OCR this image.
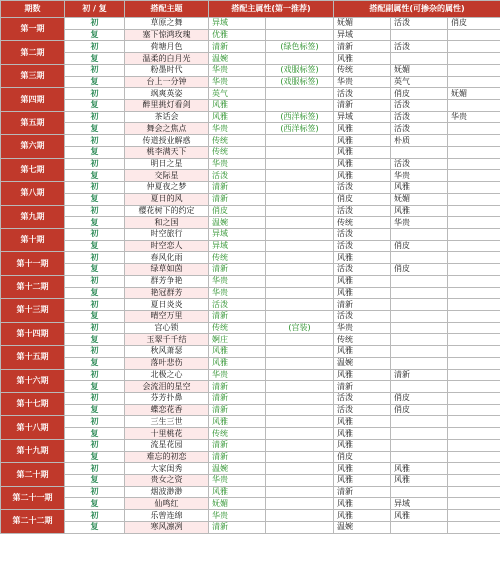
期数	初 / 复	搭配主题	搭配主属性(第一推荐)		搭配副属性(可掺杂的属性)		
第一期	初	草原之舞	异域		妩媚	活泼	俏皮
	复	塞下惊鸿玫瑰	优雅		异域		
第二期	初	荷塘月色	清新	(绿色标签)	清新	活泼	
	复	温柔的白月光	温婉		风雅		
第三期	初	粉墨时代	华贵	(戏服标签)	传统	妩媚	
	复	台上一分钟	华贵	(戏服标签)	华贵	英气	
第四期	初	飒爽英姿	英气		活泼	俏皮	妩媚
	复	醉里挑灯看剑	风雅		清新	活泼	
第五期	初	茶话会	风雅	(西洋标签)	异域	活泼	华贵
	复	舞会之焦点	华贵	(西洋标签)	风雅	活泼	
第六期	初	传道授业解惑	传统		风雅	朴质	
	复	桃李满天下	传统		风雅		
第七期	初	明日之星	华贵		风雅	活泼	
	复	交际星	活泼		风雅	华贵	
第八期	初	仲夏夜之梦	清新		活泼	风雅	
	复	夏日的风	清新		俏皮	妩媚	
第九期	初	樱花树下的约定	俏皮		活泼	风雅	
	复	和之国	温婉		传统	华贵	
第十期	初	时空旅行	异域		活泼		
	复	时空恋人	异域		活泼	俏皮	
第十一期	初	春风化雨	传统		风雅		
	复	绿草如茵	清新		活泼	俏皮	
第十二期	初	群芳争艳	华贵		风雅		
	复	艳冠群芳	华贵		风雅		
第十三期	初	夏日炎炎	活泼		清新		
	复	晴空万里	清新		活泼		
第十四期	初	宫心锁	传统	(宫装)	华贵		
	复	玉翠千千结	婀庄		传统		
第十五期	初	秋风萧瑟	风雅		风雅		
	复	落叶悲伤	风雅		温婉		
第十六期	初	北极之心	华贵		风雅	清新	
	复	会流泪的星空	清新		清新		
第十七期	初	芬芳扑鼻	清新		活泼	俏皮	
	复	蝶恋花香	清新		活泼	俏皮	
第十八期	初	三生三世	风雅		风雅		
	复	十里桃花	传统		风雅		
第十九期	初	流星花园	清新		风雅		
	复	难忘的初恋	清新		俏皮		
第二十期	初	大家闺秀	温婉		风雅	风雅	
	复	贵女之资	华贵		风雅	风雅	
第二十一期	初	烟波渺渺	风雅		清新		
	复	仙鸣红	妩媚		风雅	异域	
第二十二期	初	乐曾连绵	华贵		风雅	风雅	
	复	寒风凛冽	清新		温婉		
